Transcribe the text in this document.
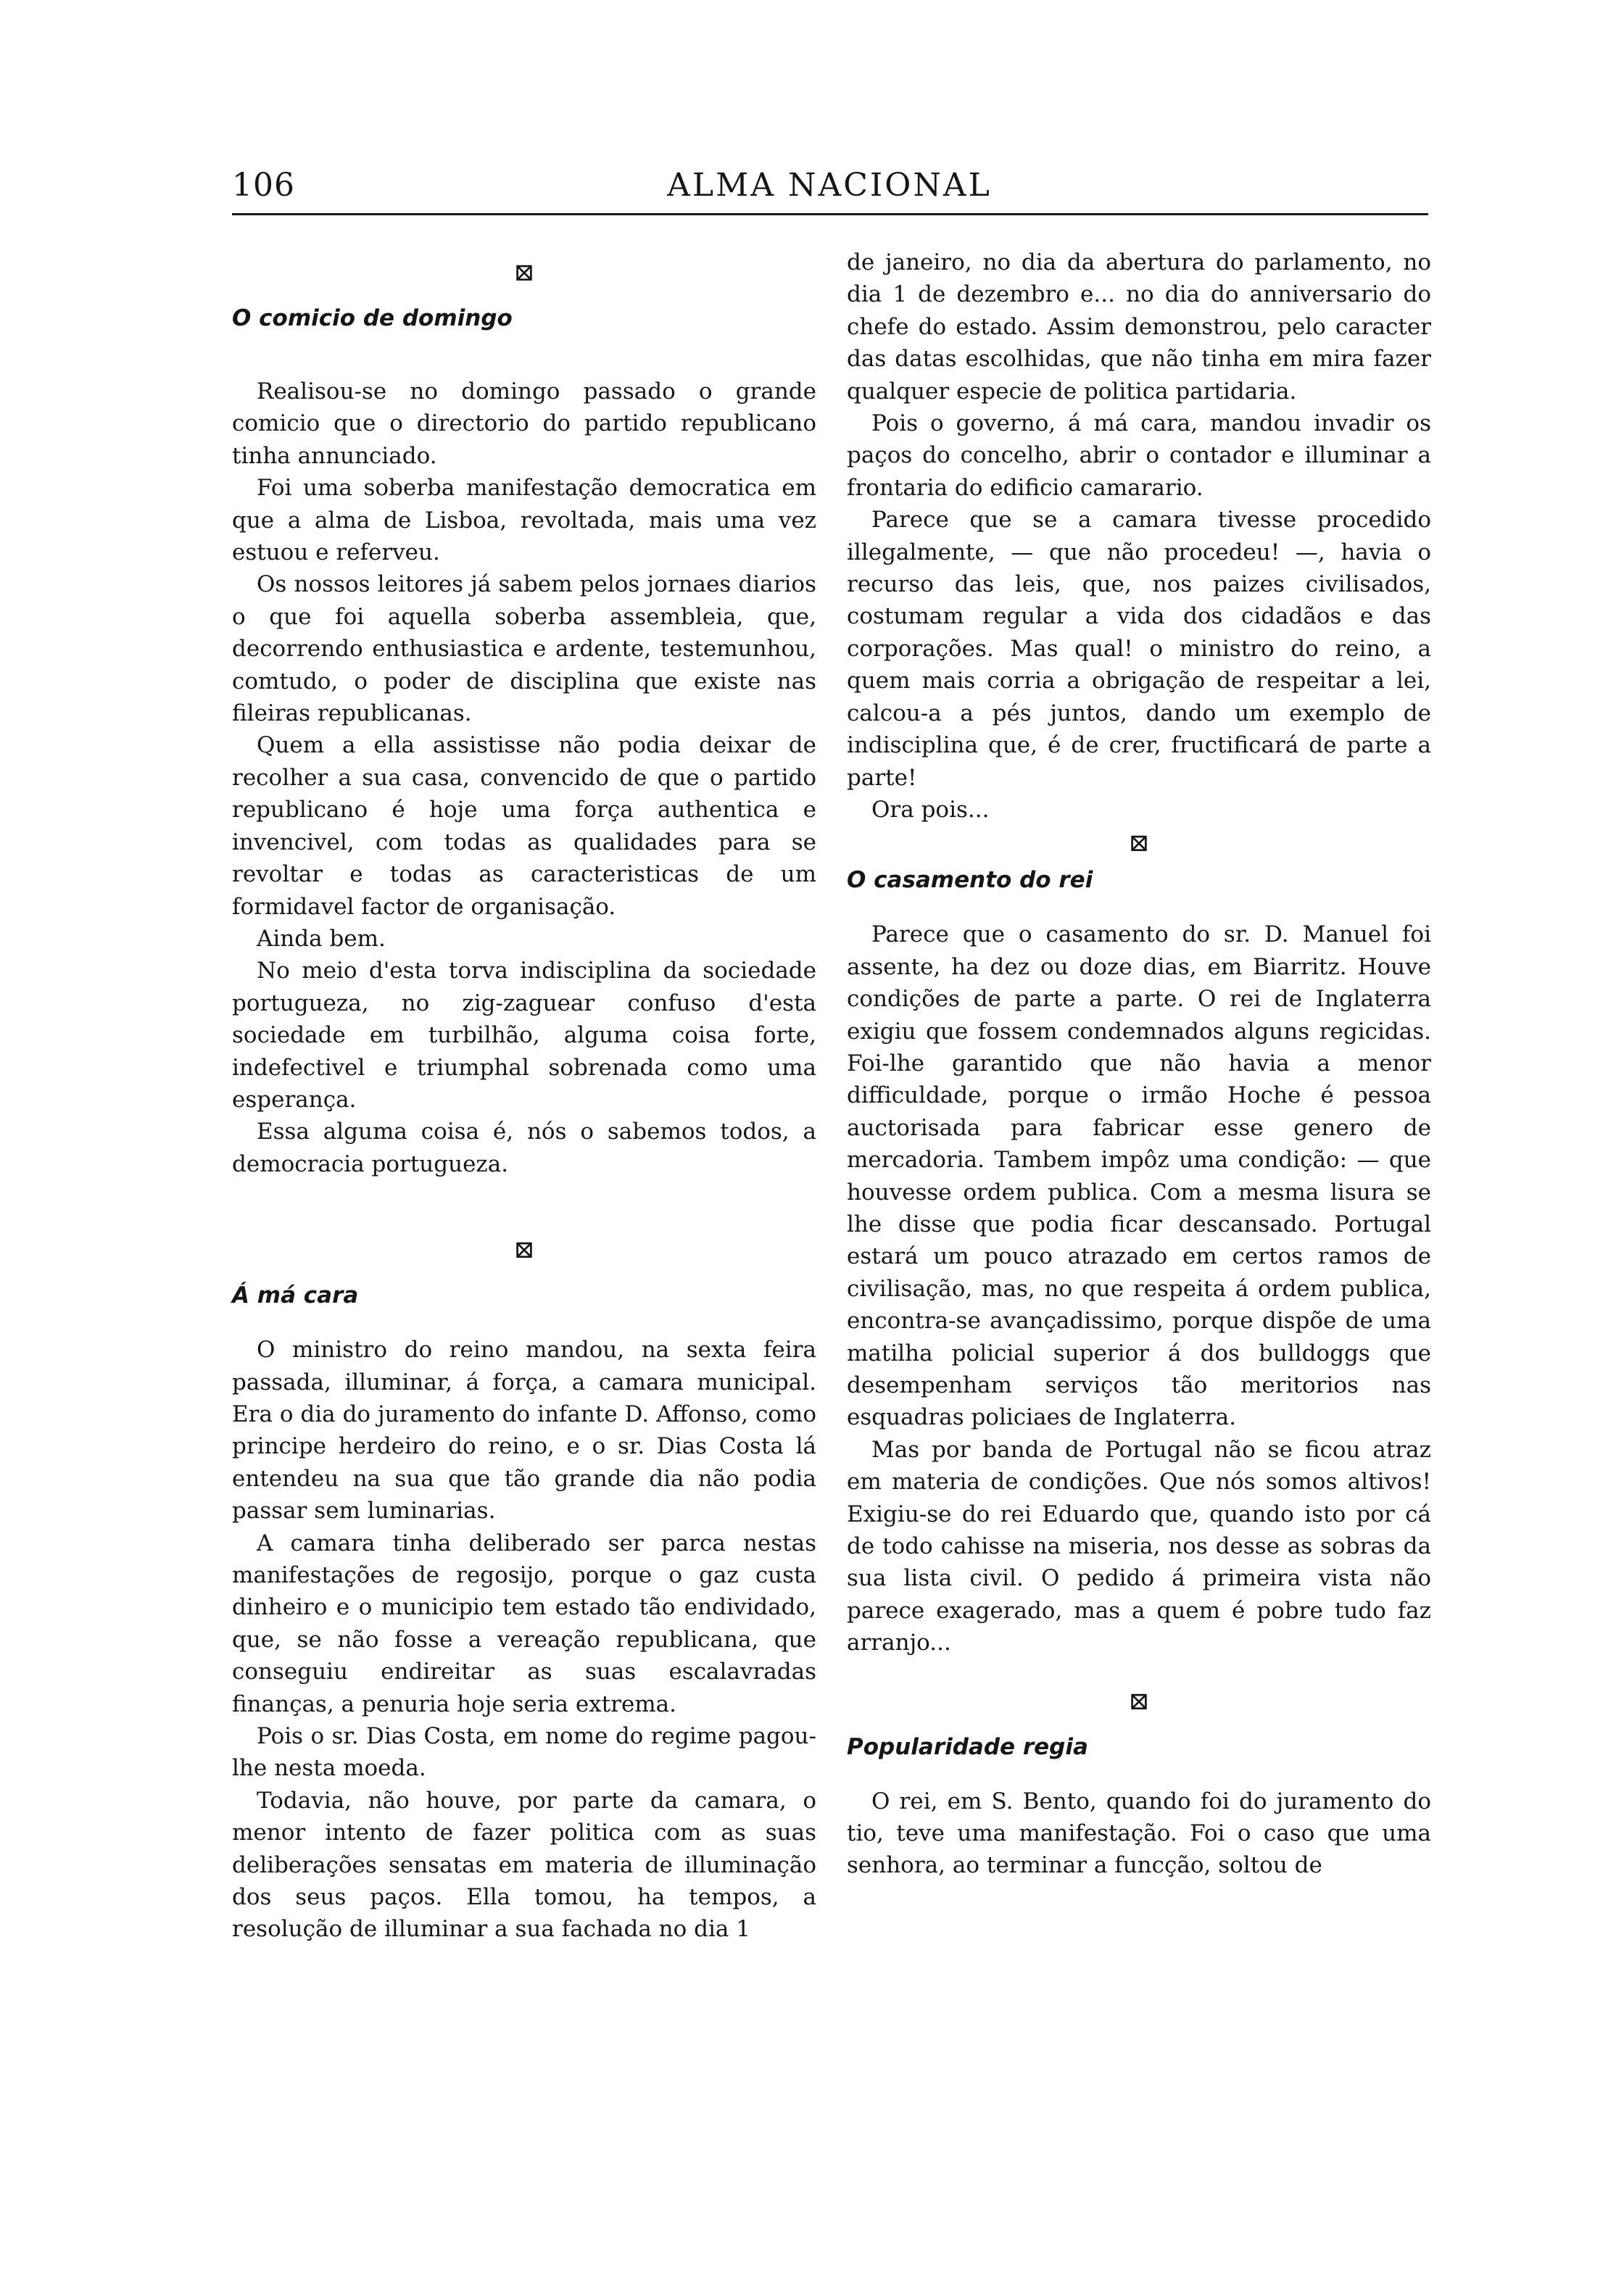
106	ALMA NACIONAL
⊠
O comicio de domingo

Realisou-se no domingo passado o grande comicio que o directorio do partido republicano tinha annunciado.

Foi uma soberba manifestação democratica em que a alma de Lisboa, revoltada, mais uma vez estuou e referveu.

Os nossos leitores já sabem pelos jornaes diarios o que foi aquella soberba assembleia, que, decorrendo enthusiastica e ardente, testemunhou, comtudo, o poder de disciplina que existe nas fileiras republicanas.

Quem a ella assistisse não podia deixar de recolher a sua casa, convencido de que o partido republicano é hoje uma força authentica e invencivel, com todas as qualidades para se revoltar e todas as caracteristicas de um formidavel factor de organisação.

Ainda bem.

No meio d'esta torva indisciplina da sociedade portugueza, no zig-zaguear confuso d'esta sociedade em turbilhão, alguma coisa forte, indefectivel e triumphal sobrenada como uma esperança.

Essa alguma coisa é, nós o sabemos todos, a democracia portugueza.

⊠
Á má cara

O ministro do reino mandou, na sexta feira passada, illuminar, á força, a camara municipal. Era o dia do juramento do infante D. Affonso, como principe herdeiro do reino, e o sr. Dias Costa lá entendeu na sua que tão grande dia não podia passar sem luminarias.

A camara tinha deliberado ser parca nestas manifestações de regosijo, porque o gaz custa dinheiro e o municipio tem estado tão endividado, que, se não fosse a vereação republicana, que conseguiu endireitar as suas escalavradas finanças, a penuria hoje seria extrema.

Pois o sr. Dias Costa, em nome do regime pagou-lhe nesta moeda.

Todavia, não houve, por parte da camara, o menor intento de fazer politica com as suas deliberações sensatas em materia de illuminação dos seus paços. Ella tomou, ha tempos, a resolução de illuminar a sua fachada no dia 1

de janeiro, no dia da abertura do parlamento, no dia 1 de dezembro e... no dia do anniversario do chefe do estado. Assim demonstrou, pelo caracter das datas escolhidas, que não tinha em mira fazer qualquer especie de politica partidaria.

Pois o governo, á má cara, mandou invadir os paços do concelho, abrir o contador e illuminar a frontaria do edificio camarario.

Parece que se a camara tivesse procedido illegalmente, — que não procedeu! —, havia o recurso das leis, que, nos paizes civilisados, costumam regular a vida dos cidadãos e das corporações. Mas qual! o ministro do reino, a quem mais corria a obrigação de respeitar a lei, calcou-a a pés juntos, dando um exemplo de indisciplina que, é de crer, fructificará de parte a parte!

Ora pois...

⊠
O casamento do rei

Parece que o casamento do sr. D. Manuel foi assente, ha dez ou doze dias, em Biarritz. Houve condições de parte a parte. O rei de Inglaterra exigiu que fossem condemnados alguns regicidas. Foi-lhe garantido que não havia a menor difficuldade, porque o irmão Hoche é pessoa auctorisada para fabricar esse genero de mercadoria. Tambem impôz uma condição: — que houvesse ordem publica. Com a mesma lisura se lhe disse que podia ficar descansado. Portugal estará um pouco atrazado em certos ramos de civilisação, mas, no que respeita á ordem publica, encontra-se avançadissimo, porque dispõe de uma matilha policial superior á dos bulldoggs que desempenham serviços tão meritorios nas esquadras policiaes de Inglaterra.

Mas por banda de Portugal não se ficou atraz em materia de condições. Que nós somos altivos! Exigiu-se do rei Eduardo que, quando isto por cá de todo cahisse na miseria, nos desse as sobras da sua lista civil. O pedido á primeira vista não parece exagerado, mas a quem é pobre tudo faz arranjo...

⊠
Popularidade regia

O rei, em S. Bento, quando foi do juramento do tio, teve uma manifestação. Foi o caso que uma senhora, ao terminar a funcção, soltou de
